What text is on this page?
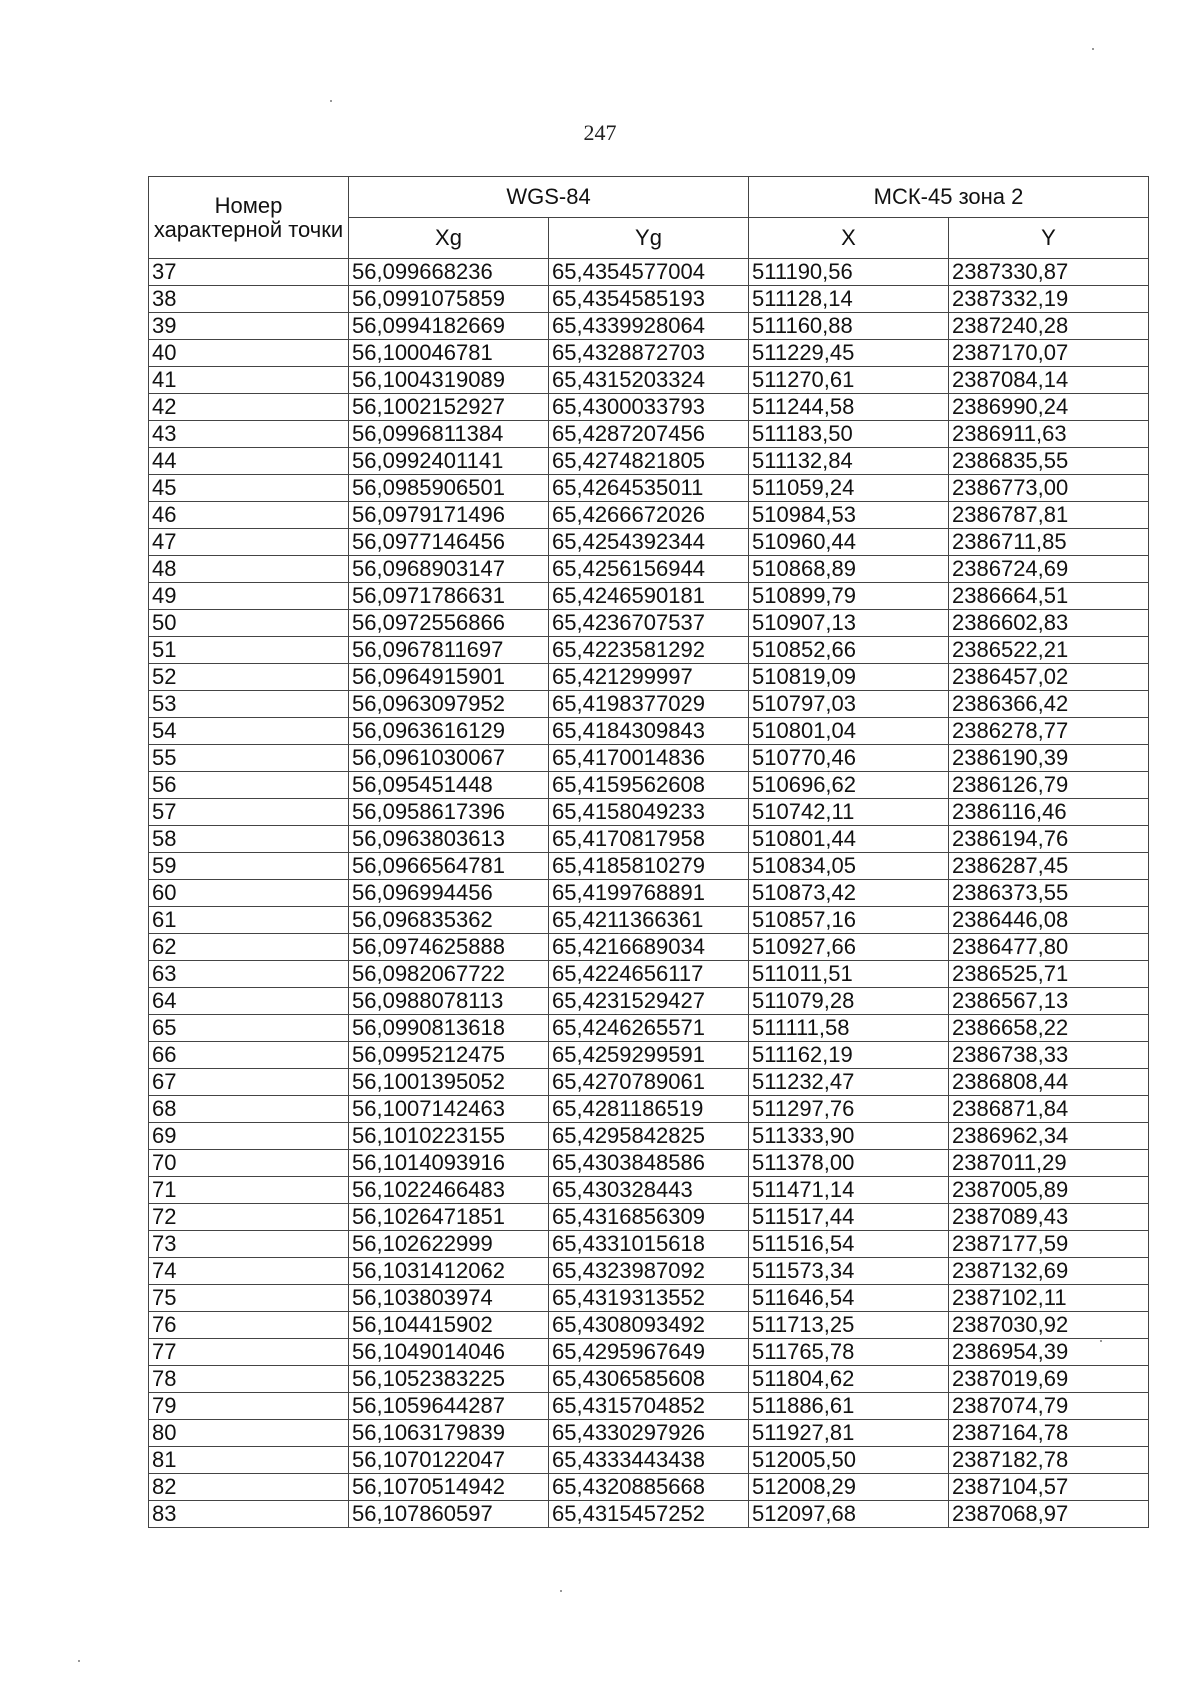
247
Номер характерной точки	WGS-84		МСК-45 зона 2	
	Xg	Yg	X	Y
37	56,099668236	65,4354577004	511190,56	2387330,87
38	56,0991075859	65,4354585193	511128,14	2387332,19
39	56,0994182669	65,4339928064	511160,88	2387240,28
40	56,100046781	65,4328872703	511229,45	2387170,07
41	56,1004319089	65,4315203324	511270,61	2387084,14
42	56,1002152927	65,4300033793	511244,58	2386990,24
43	56,0996811384	65,4287207456	511183,50	2386911,63
44	56,0992401141	65,4274821805	511132,84	2386835,55
45	56,0985906501	65,4264535011	511059,24	2386773,00
46	56,0979171496	65,4266672026	510984,53	2386787,81
47	56,0977146456	65,4254392344	510960,44	2386711,85
48	56,0968903147	65,4256156944	510868,89	2386724,69
49	56,0971786631	65,4246590181	510899,79	2386664,51
50	56,0972556866	65,4236707537	510907,13	2386602,83
51	56,0967811697	65,4223581292	510852,66	2386522,21
52	56,0964915901	65,421299997	510819,09	2386457,02
53	56,0963097952	65,4198377029	510797,03	2386366,42
54	56,0963616129	65,4184309843	510801,04	2386278,77
55	56,0961030067	65,4170014836	510770,46	2386190,39
56	56,095451448	65,4159562608	510696,62	2386126,79
57	56,0958617396	65,4158049233	510742,11	2386116,46
58	56,0963803613	65,4170817958	510801,44	2386194,76
59	56,0966564781	65,4185810279	510834,05	2386287,45
60	56,096994456	65,4199768891	510873,42	2386373,55
61	56,096835362	65,4211366361	510857,16	2386446,08
62	56,0974625888	65,4216689034	510927,66	2386477,80
63	56,0982067722	65,4224656117	511011,51	2386525,71
64	56,0988078113	65,4231529427	511079,28	2386567,13
65	56,0990813618	65,4246265571	511111,58	2386658,22
66	56,0995212475	65,4259299591	511162,19	2386738,33
67	56,1001395052	65,4270789061	511232,47	2386808,44
68	56,1007142463	65,4281186519	511297,76	2386871,84
69	56,1010223155	65,4295842825	511333,90	2386962,34
70	56,1014093916	65,4303848586	511378,00	2387011,29
71	56,1022466483	65,430328443	511471,14	2387005,89
72	56,1026471851	65,4316856309	511517,44	2387089,43
73	56,102622999	65,4331015618	511516,54	2387177,59
74	56,1031412062	65,4323987092	511573,34	2387132,69
75	56,103803974	65,4319313552	511646,54	2387102,11
76	56,104415902	65,4308093492	511713,25	2387030,92
77	56,1049014046	65,4295967649	511765,78	2386954,39
78	56,1052383225	65,4306585608	511804,62	2387019,69
79	56,1059644287	65,4315704852	511886,61	2387074,79
80	56,1063179839	65,4330297926	511927,81	2387164,78
81	56,1070122047	65,4333443438	512005,50	2387182,78
82	56,1070514942	65,4320885668	512008,29	2387104,57
83	56,107860597	65,4315457252	512097,68	2387068,97
